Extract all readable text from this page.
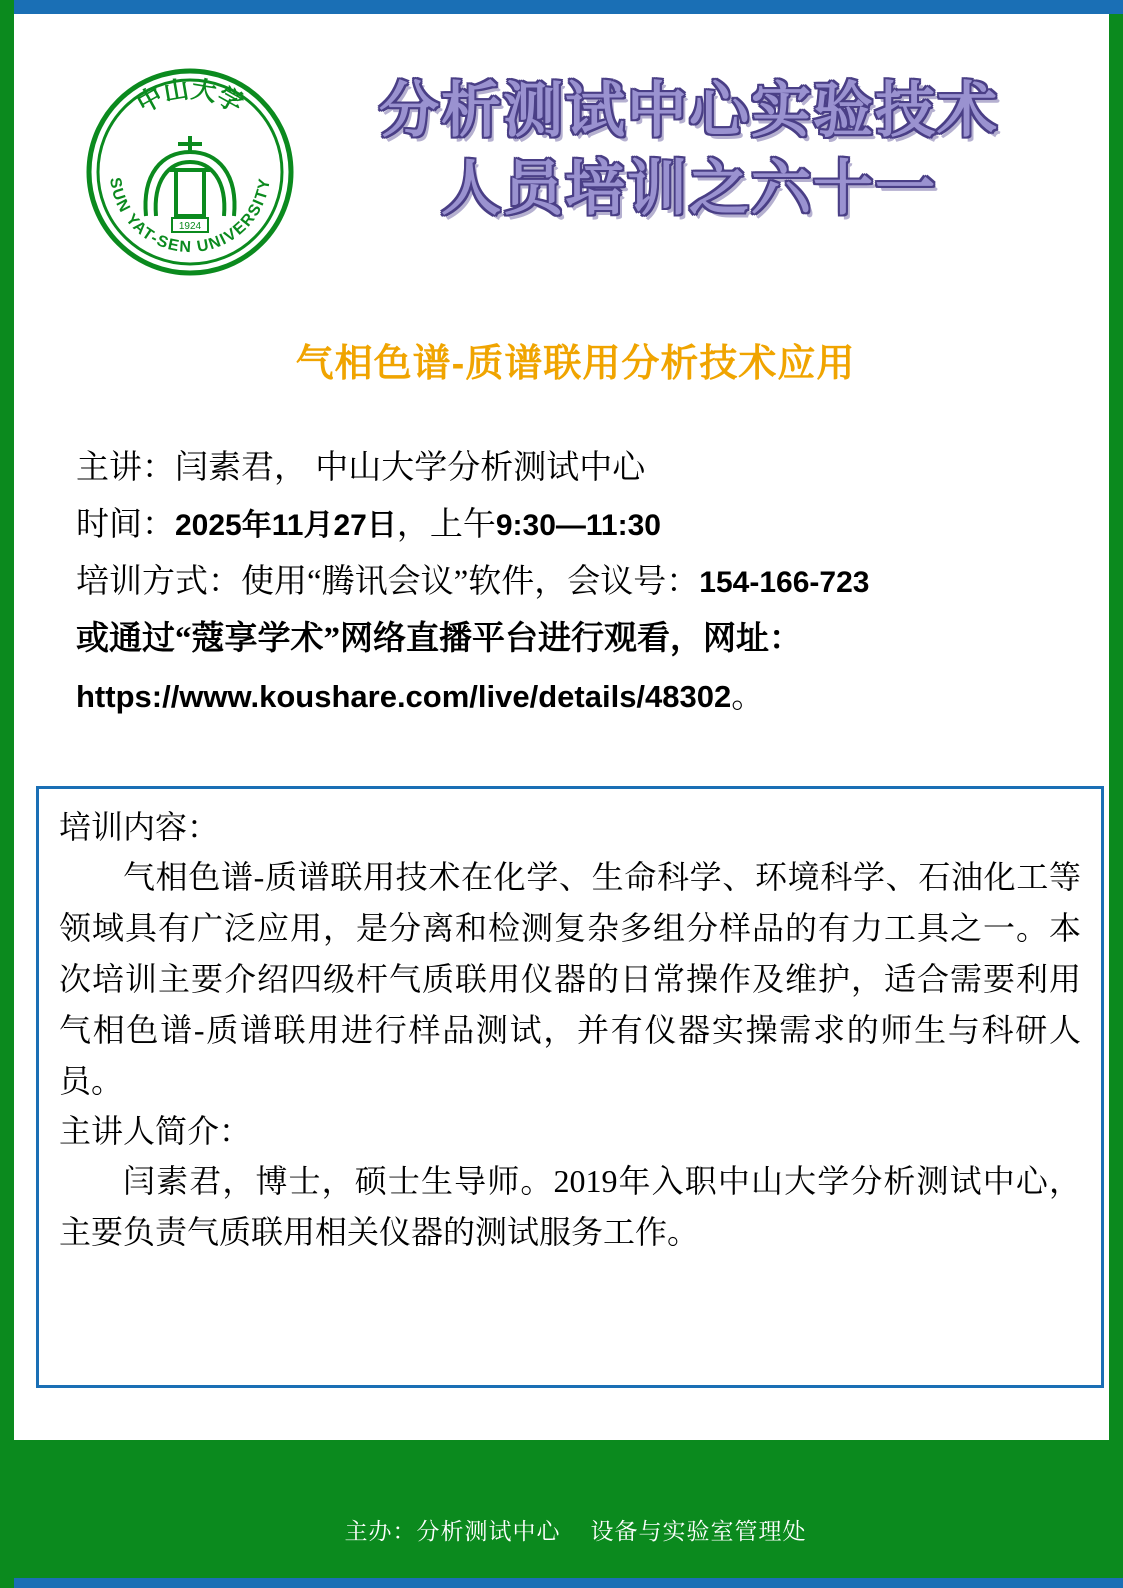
中山大学
SUN YAT-SEN UNIVERSITY
1924
分析测试中心实验技术
人员培训之六十一
气相色谱-质谱联用分析技术应用
主讲：闫素君， 中山大学分析测试中心
时间：2025年11月27日，上午9:30—11:30
培训方式：使用“腾讯会议”软件，会议号：154-166-723
或通过“蔻享学术”网络直播平台进行观看，网址：
https://www.koushare.com/live/details/48302。
培训内容：
气相色谱-质谱联用技术在化学、生命科学、环境科学、石油化工等领域具有广泛应用，是分离和检测复杂多组分样品的有力工具之一。本次培训主要介绍四级杆气质联用仪器的日常操作及维护，适合需要利用气相色谱-质谱联用进行样品测试，并有仪器实操需求的师生与科研人员。
主讲人简介：
闫素君，博士，硕士生导师。2019年入职中山大学分析测试中心，主要负责气质联用相关仪器的测试服务工作。
主办：分析测试中心 设备与实验室管理处
